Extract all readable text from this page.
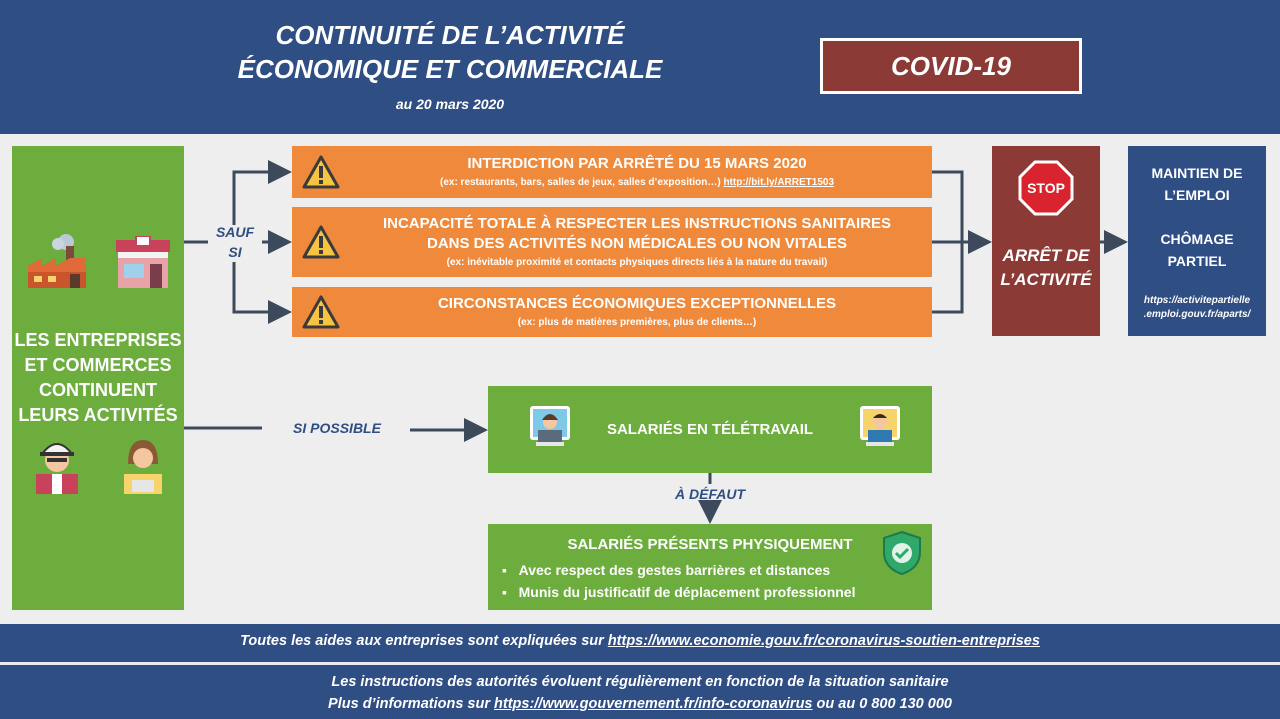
CONTINUITÉ DE L’ACTIVITÉ
ÉCONOMIQUE ET COMMERCIALE
au 20 mars 2020
COVID-19
LES ENTREPRISES ET COMMERCES CONTINUENT LEURS ACTIVITÉS
SAUF
SI
INTERDICTION PAR ARRÊTÉ DU 15 MARS 2020
(ex: restaurants, bars, salles de jeux, salles d’exposition…) http://bit.ly/ARRET1503
INCAPACITÉ TOTALE À RESPECTER LES INSTRUCTIONS SANITAIRES
DANS DES ACTIVITÉS NON MÉDICALES OU NON VITALES
(ex: inévitable proximité et contacts physiques directs liés à la nature du travail)
CIRCONSTANCES ÉCONOMIQUES EXCEPTIONNELLES
(ex: plus de matières premières, plus de clients…)
STOP
ARRÊT DE
L’ACTIVITÉ
MAINTIEN DE
L’EMPLOI
CHÔMAGE
PARTIEL
https://activitepartielle
.emploi.gouv.fr/aparts/
SI POSSIBLE	SALARIÉS EN TÉLÉTRAVAIL
À DÉFAUT
SALARIÉS PRÉSENTS PHYSIQUEMENT
▪   Avec respect des gestes barrières et distances
▪   Munis du justificatif de déplacement professionnel
Toutes les aides aux entreprises sont expliquées sur https://www.economie.gouv.fr/coronavirus-soutien-entreprises
Les instructions des autorités évoluent régulièrement en fonction de la situation sanitaire
Plus d’informations sur https://www.gouvernement.fr/info-coronavirus ou au 0 800 130 000
